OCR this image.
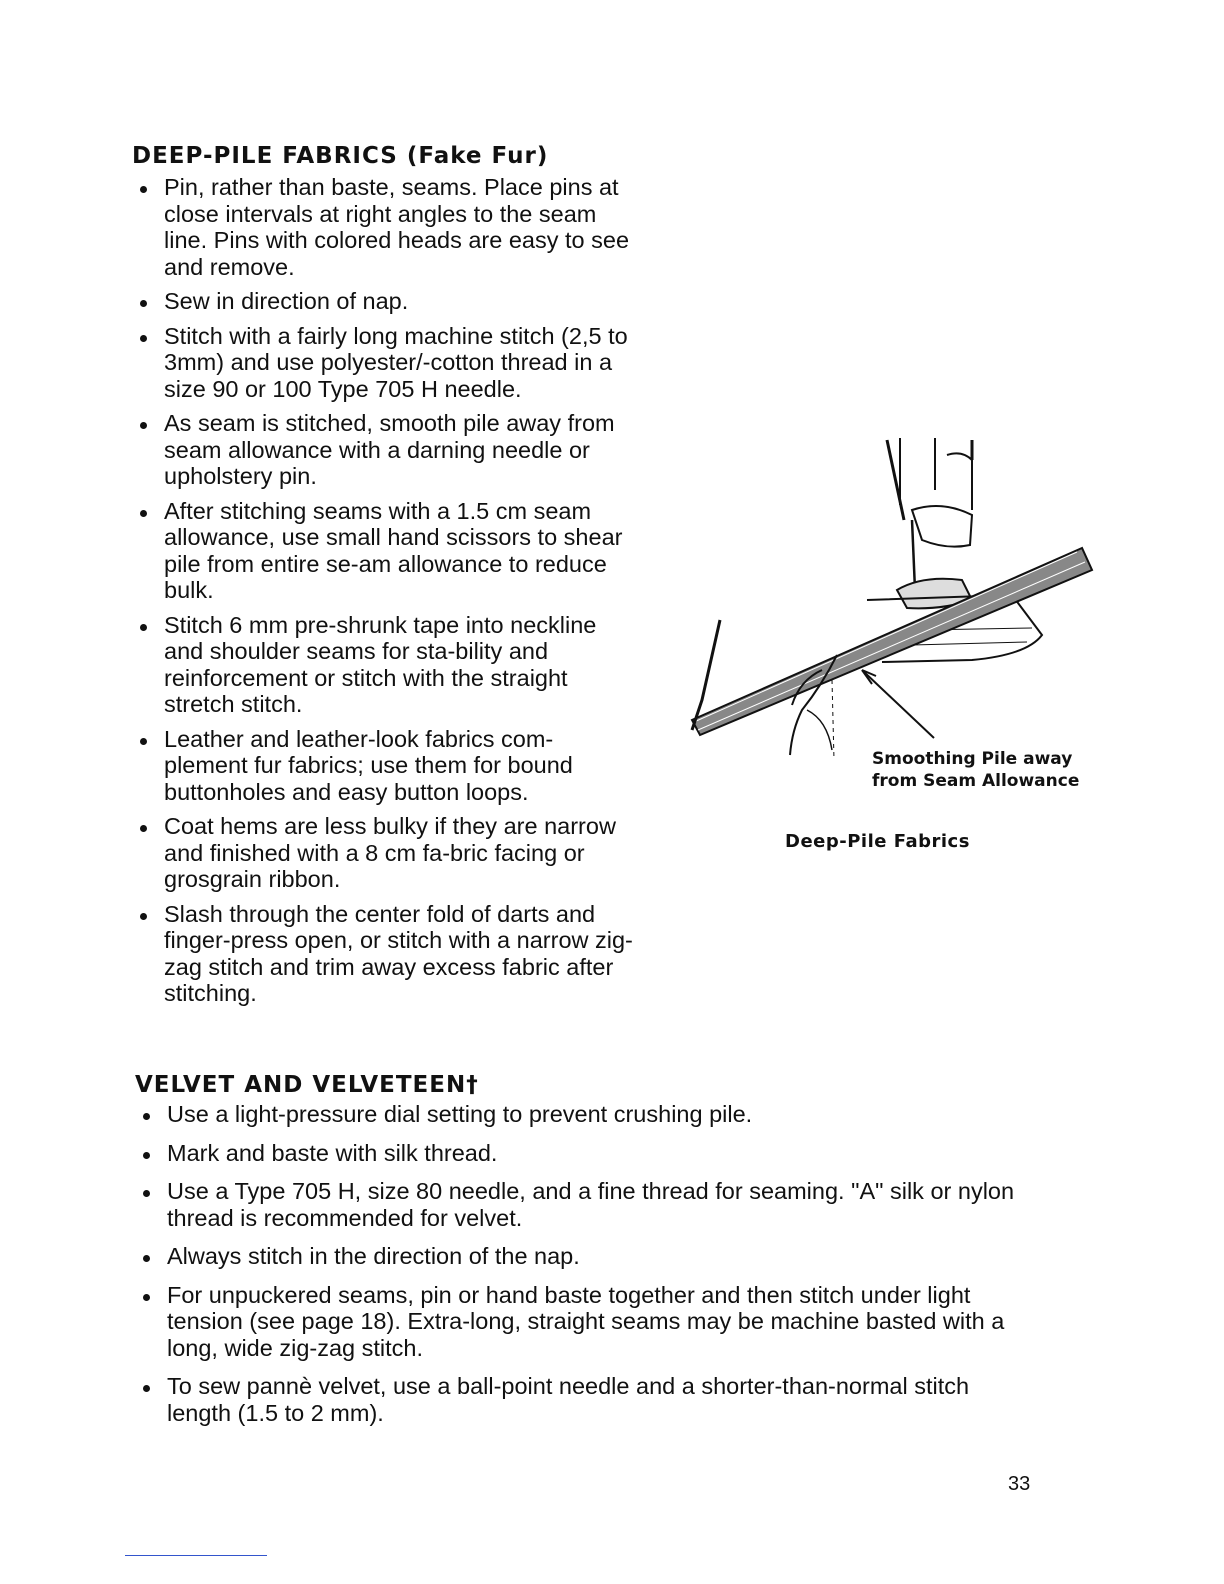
DEEP-PILE FABRICS (Fake Fur)
Pin, rather than baste, seams. Place pins at close intervals at right angles to the seam line. Pins with colored heads are easy to see and remove.
Sew in direction of nap.
Stitch with a fairly long machine stitch (2,5 to 3mm) and use polyester/-cotton thread in a size 90 or 100 Type 705 H needle.
As seam is stitched, smooth pile away from seam allowance with a darning needle or upholstery pin.
After stitching seams with a 1.5 cm seam allowance, use small hand scissors to shear pile from entire se-am allowance to reduce bulk.
Stitch 6 mm pre-shrunk tape into neckline and shoulder seams for sta-bility and reinforcement or stitch with the straight stretch stitch.
Leather and leather-look fabrics com-plement fur fabrics; use them for bound buttonholes and easy button loops.
Coat hems are less bulky if they are narrow and finished with a 8 cm fa-bric facing or grosgrain ribbon.
Slash through the center fold of darts and finger-press open, or stitch with a narrow zig-zag stitch and trim away excess fabric after stitching.
Smoothing Pile away
from Seam Allowance
Deep-Pile Fabrics
VELVET AND VELVETEEN†
Use a light-pressure dial setting to prevent crushing pile.
Mark and baste with silk thread.
Use a Type 705 H, size 80 needle, and a fine thread for seaming. "A" silk or nylon thread is recommended for velvet.
Always stitch in the direction of the nap.
For unpuckered seams, pin or hand baste together and then stitch under light tension (see page 18). Extra-long, straight seams may be machine basted with a long, wide zig-zag stitch.
To sew pannè velvet, use a ball-point needle and a shorter-than-normal stitch length (1.5 to 2 mm).
33
